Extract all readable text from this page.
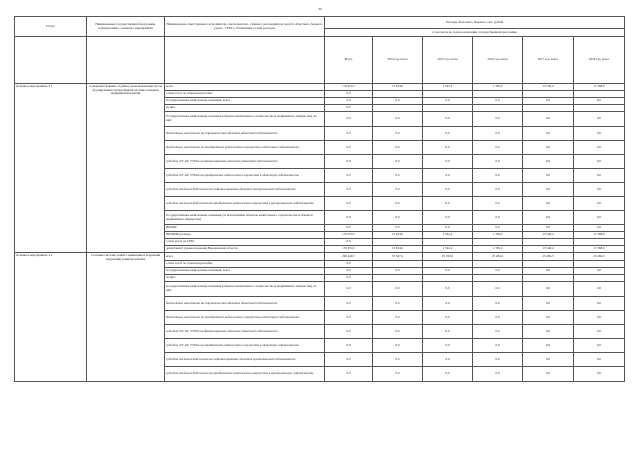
36
Статус	Наименование государственной программы, подпрограммы, основного мероприятия	Наименование ответственного исполнителя, соисполнителя - главного распорядителя средств областного бюджета (далее - ГРБС), обозначение статей расходов	Расходы областного бюджета, тыс. рублей					
			в том числе по годам реализации государственной программы					
			Всего	2014 год, всего	2015 год, всего	2016 год, всего	2017 год, всего	2018 год, всего
Основное мероприятие 4.1	Совершенствование службы родовспоможения путем формирования трехуровневой системы оказания медицинской помощи	всего	176 974,5	13 654,0	1 561,4	1 336,0	13 540,4	17 368,9
		в том числе по статьям расходов	0,0					
		Государственные капитальные вложения, всего	0,0	0,0	0,0	0,0	0,0	0,0
		из них:	0,0					
		Государственные капитальные вложения (объекты капитального строительства и недвижимого имущества), из них:	0,0	0,0	0,0	0,0	0,0	0,0
		бюджетные инвестиции на строительство объектов областной собственности	0,0	0,0	0,0	0,0	0,0	0,0
		бюджетные инвестиции на приобретение недвижимого имущества в областную собственность	0,0	0,0	0,0	0,0	0,0	0,0
		субсидии ОУ, АУ, УУПов на финансирование объектов областной собственности	0,0	0,0	0,0	0,0	0,0	0,0
		субсидии ОУ, АУ, УУПов на приобретение недвижимого имущества в областную собственность	0,0	0,0	0,0	0,0	0,0	0,0
		субсидии местным бюджетам на софинансирование объектов муниципальной собственности	0,0	0,0	0,0	0,0	0,0	0,0
		субсидии местным бюджетам на приобретение недвижимого имущества в муниципальную собственность	0,0	0,0	0,0	0,0	0,0	0,0
		Государственные капитальные вложения (за исключением объектов капитального строительства и объектов недвижимого имущества)	0,0	0,0	0,0	0,0	0,0	0,0
		НИОКР	0,0	0,0	0,0	0,0	0,0	0,0
		ПРОЧИЕ расходы	176 974,5	13 654,0	1 561,4	1 336,0	13 540,4	17 368,9
		в том числе по ГРБС	0,0					
		департамент здравоохранения Воронежской области	176 974,5	13 654,0	1 561,4	1 336,0	13 540,4	17 368,9
Основное мероприятие 4.2	Создание системы раннего выявления и коррекции нарушений развития ребенка	всего	290 449,7	37 597,2	25 550,0	25 284,5	23 284,5	23 284,5
		в том числе по статьям расходов	0,0					
		Государственные капитальные вложения, всего	0,0	0,0	0,0	0,0	0,0	0,0
		из них:	0,0					
		Государственные капитальные вложения (объекты капитального строительства и недвижимого имущества), из них:	0,0	0,0	0,0	0,0	0,0	0,0
		бюджетные инвестиции на строительство объектов областной собственности	0,0	0,0	0,0	0,0	0,0	0,0
		бюджетные инвестиции на приобретение недвижимого имущества в областную собственность	0,0	0,0	0,0	0,0	0,0	0,0
		субсидии ОУ, АУ, УУПов на финансирование объектов областной собственности	0,0	0,0	0,0	0,0	0,0	0,0
		субсидии ОУ, АУ, УУПов на приобретение недвижимого имущества в областную собственность	0,0	0,0	0,0	0,0	0,0	0,0
		субсидии местным бюджетам на софинансирование объектов муниципальной собственности	0,0	0,0	0,0	0,0	0,0	0,0
		субсидии местным бюджетам на приобретение недвижимого имущества в муниципальную собственность	0,0	0,0	0,0	0,0	0,0	0,0
